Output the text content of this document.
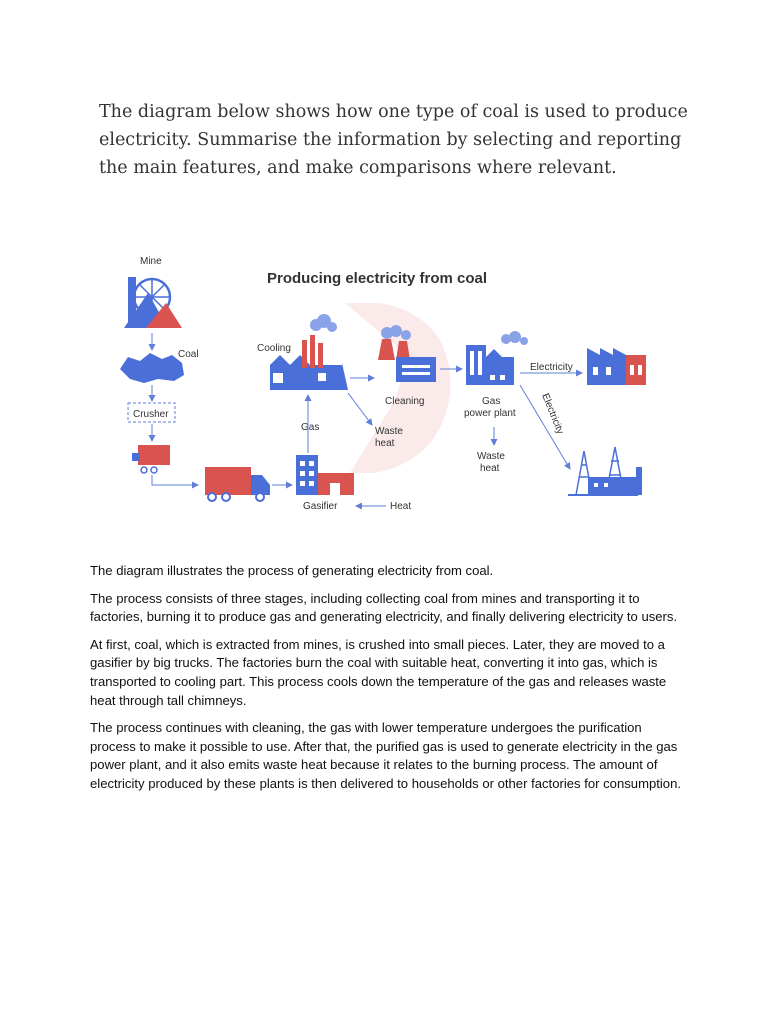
The diagram below shows how one type of coal is used to produce electricity. Summarise the information by selecting and reporting the main features, and make comparisons where relevant.

Producing electricity from coal
Mine
Coal
Crusher
Gasifier	Heat
Cooling
Gas	Waste
heat
Cleaning	Gas
power plant
Waste
heat
Electricity
Electricity

The diagram illustrates the process of generating electricity from coal.

The process consists of three stages, including collecting coal from mines and transporting it to factories, burning it to produce gas and generating electricity, and finally delivering electricity to users.

At first, coal, which is extracted from mines, is crushed into small pieces. Later, they are moved to a gasifier by big trucks. The factories burn the coal with suitable heat, converting it into gas, which is transported to cooling part. This process cools down the temperature of the gas and releases waste heat through tall chimneys.

The process continues with cleaning, the gas with lower temperature undergoes the purification process to make it possible to use. After that, the purified gas is used to generate electricity in the gas power plant, and it also emits waste heat because it relates to the burning process. The amount of electricity produced by these plants is then delivered to households or other factories for consumption.
